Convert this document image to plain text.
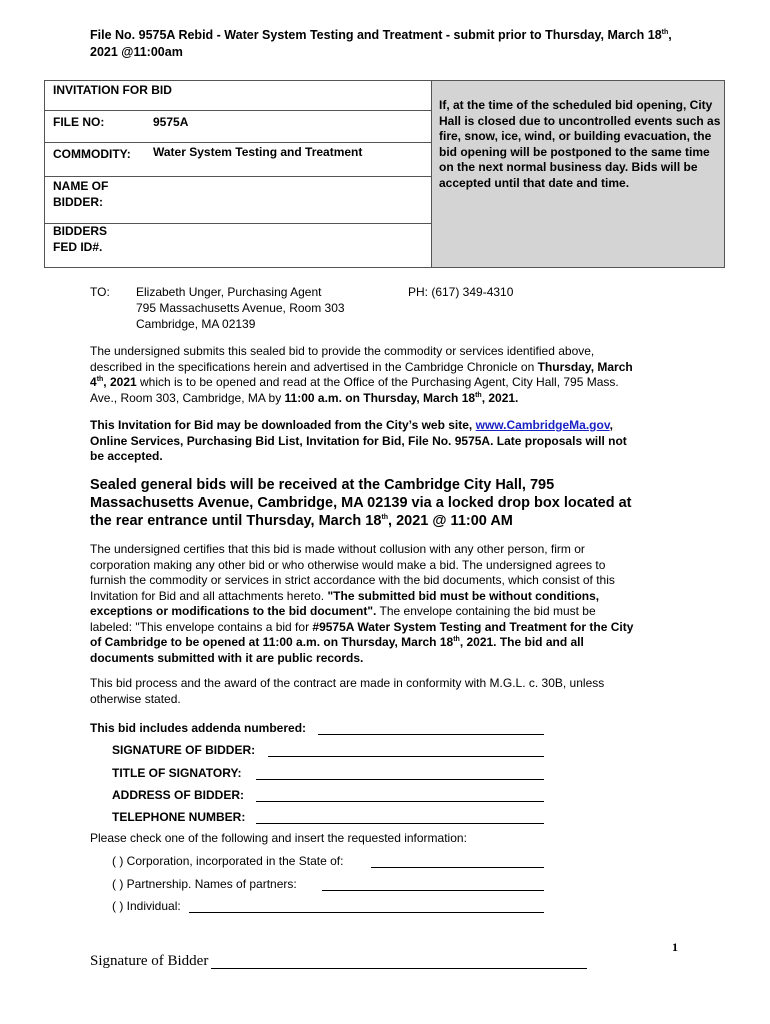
File No. 9575A Rebid - Water System Testing and Treatment - submit prior to Thursday, March 18th,
2021 @11:00am
INVITATION FOR BID
FILE NO:	9575A
COMMODITY: Water System Testing and Treatment
NAME OF
BIDDER:
BIDDERS
FED ID#.
If, at the time of the scheduled bid opening, City Hall is closed due to uncontrolled events such as fire, snow, ice, wind, or building evacuation, the bid opening will be postponed to the same time on the next normal business day. Bids will be accepted until that date and time.
TO: Elizabeth Unger, Purchasing Agent
795 Massachusetts Avenue, Room 303
Cambridge, MA 02139
PH: (617) 349-4310
The undersigned submits this sealed bid to provide the commodity or services identified above, described in the specifications herein and advertised in the Cambridge Chronicle on Thursday, March 4th, 2021 which is to be opened and read at the Office of the Purchasing Agent, City Hall, 795 Mass. Ave., Room 303, Cambridge, MA by 11:00 a.m. on Thursday, March 18th, 2021.
This Invitation for Bid may be downloaded from the City’s web site, www.CambridgeMa.gov, Online Services, Purchasing Bid List, Invitation for Bid, File No. 9575A. Late proposals will not be accepted.
Sealed general bids will be received at the Cambridge City Hall, 795 Massachusetts Avenue, Cambridge, MA 02139 via a locked drop box located at the rear entrance until Thursday, March 18th, 2021 @ 11:00 AM
The undersigned certifies that this bid is made without collusion with any other person, firm or corporation making any other bid or who otherwise would make a bid. The undersigned agrees to furnish the commodity or services in strict accordance with the bid documents, which consist of this Invitation for Bid and all attachments hereto. "The submitted bid must be without conditions, exceptions or modifications to the bid document". The envelope containing the bid must be labeled: "This envelope contains a bid for #9575A Water System Testing and Treatment for the City of Cambridge to be opened at 11:00 a.m. on Thursday, March 18th, 2021. The bid and all documents submitted with it are public records.
This bid process and the award of the contract are made in conformity with M.G.L. c. 30B, unless otherwise stated.
This bid includes addenda numbered:
SIGNATURE OF BIDDER:
TITLE OF SIGNATORY:
ADDRESS OF BIDDER:
TELEPHONE NUMBER:
Please check one of the following and insert the requested information:
( ) Corporation, incorporated in the State of:
( ) Partnership. Names of partners:
( ) Individual:
1
Signature of Bidder
